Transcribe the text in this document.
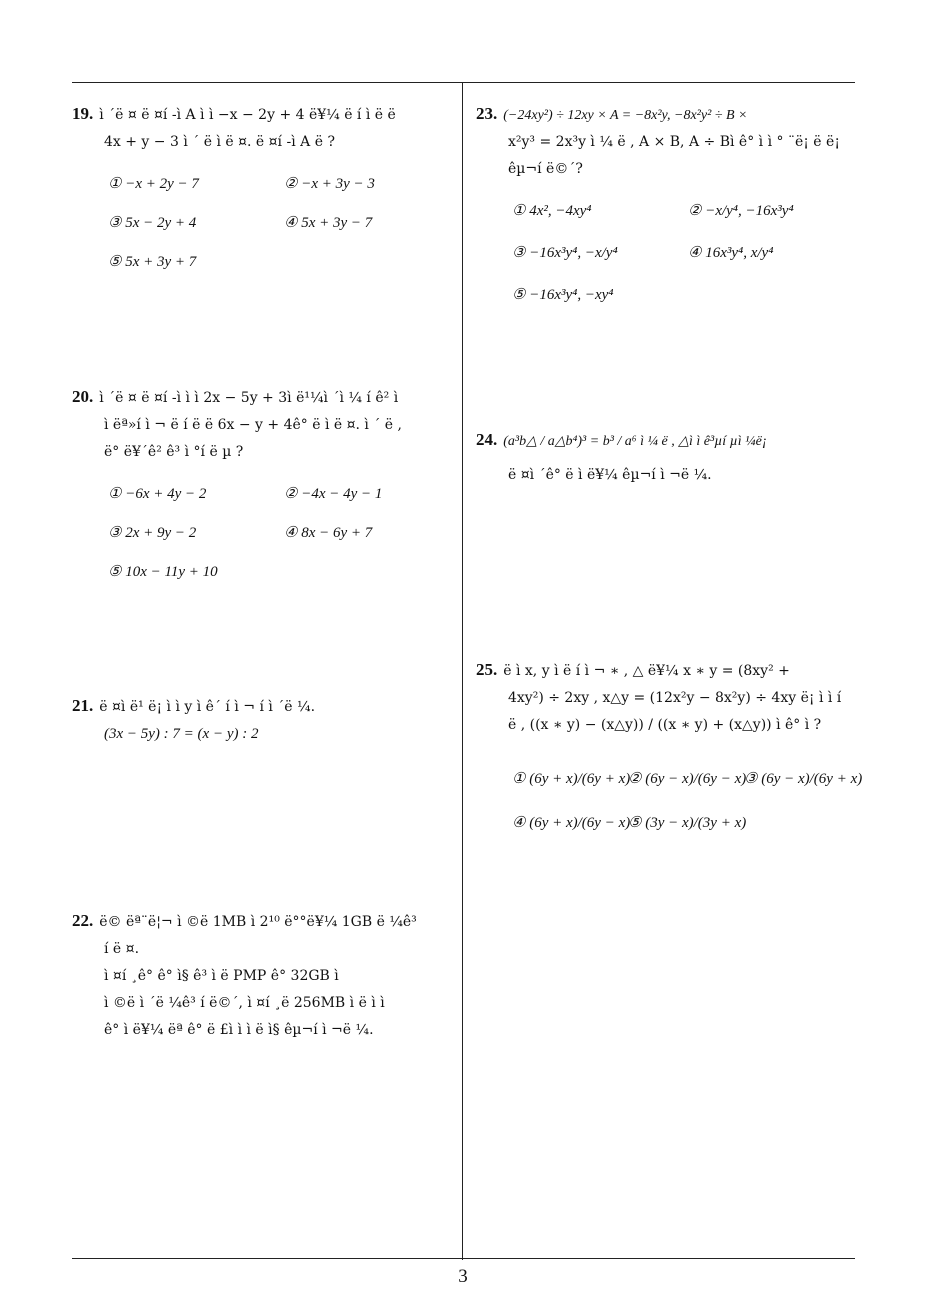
19. ì ´ë ¤ ë ¤í -ì A ì ì −x − 2y + 4 ë¥¼ ë í ì ë ë
4x + y − 3 ì ´ ë ì ë ¤. ë ¤í -ì A ë ?
① −x + 2y − 7	② −x + 3y − 3
③ 5x − 2y + 4	④ 5x + 3y − 7
⑤ 5x + 3y + 7
20. ì ´ë ¤ ë ¤í -ì ì ì 2x − 5y + 3ì ë¹¼ì ´ì ¼ í ê² ì
ì ëª»í ì ¬ ë í ë ë 6x − y + 4ê° ë ì ë ¤. ì ´ ë ,
ë° ë¥´ê² ê³ ì °í ë µ ?
① −6x + 4y − 2	② −4x − 4y − 1
③ 2x + 9y − 2	④ 8x − 6y + 7
⑤ 10x − 11y + 10
21. ë ¤ì ë¹ ë¡ ì ì y ì ê´ í ì ¬ í ì ´ë ¼.
(3x − 5y) : 7 = (x − y) : 2
22. ë© ëª¨ë¦¬ ì ©ë 1MB ì 2¹⁰ ë°°ë¥¼ 1GB ë ¼ê³
í ë ¤.
ì ¤í ¸ê° ê° ì§ ê³ ì ë PMP ê° 32GB ì
ì ©ë ì ´ë ¼ê³ í ë©´, ì ¤í ¸ë 256MB ì ë ì ì
ê° ì ë¥¼ ëª ê° ë £ì ì ì ë ì§ êµ¬í ì ¬ë ¼.
23. (−24xy²) ÷ 12xy × A = −8x²y, −8x²y² ÷ B ×
x²y³ = 2x³y ì ¼ ë , A × B, A ÷ Bì ê° ì ì ° ¨ë¡ ë ë¡
êµ¬í ë©´?
① 4x², −4xy⁴	② −x/y⁴, −16x³y⁴
③ −16x³y⁴, −x/y⁴	④ 16x³y⁴, x/y⁴
⑤ −16x³y⁴, −xy⁴
24. (a³b△ / a△b⁴)³ = b³ / a⁶ ì ¼ ë , △ì ì ê³µí µì ¼ë¡
ë ¤ì ´ê° ë ì ë¥¼ êµ¬í ì ¬ë ¼.
25. ë ì x, y ì ë í ì ¬ ∗ , △ ë¥¼ x ∗ y = (8xy² +
4xy²) ÷ 2xy , x△y = (12x²y − 8x²y) ÷ 4xy ë¡ ì ì í
ë , ((x ∗ y) − (x△y)) / ((x ∗ y) + (x△y)) ì ê° ì ?
① (6y + x)/(6y + x)
② (6y − x)/(6y − x)
③ (6y − x)/(6y + x)
④ (6y + x)/(6y − x)
⑤ (3y − x)/(3y + x)
3
